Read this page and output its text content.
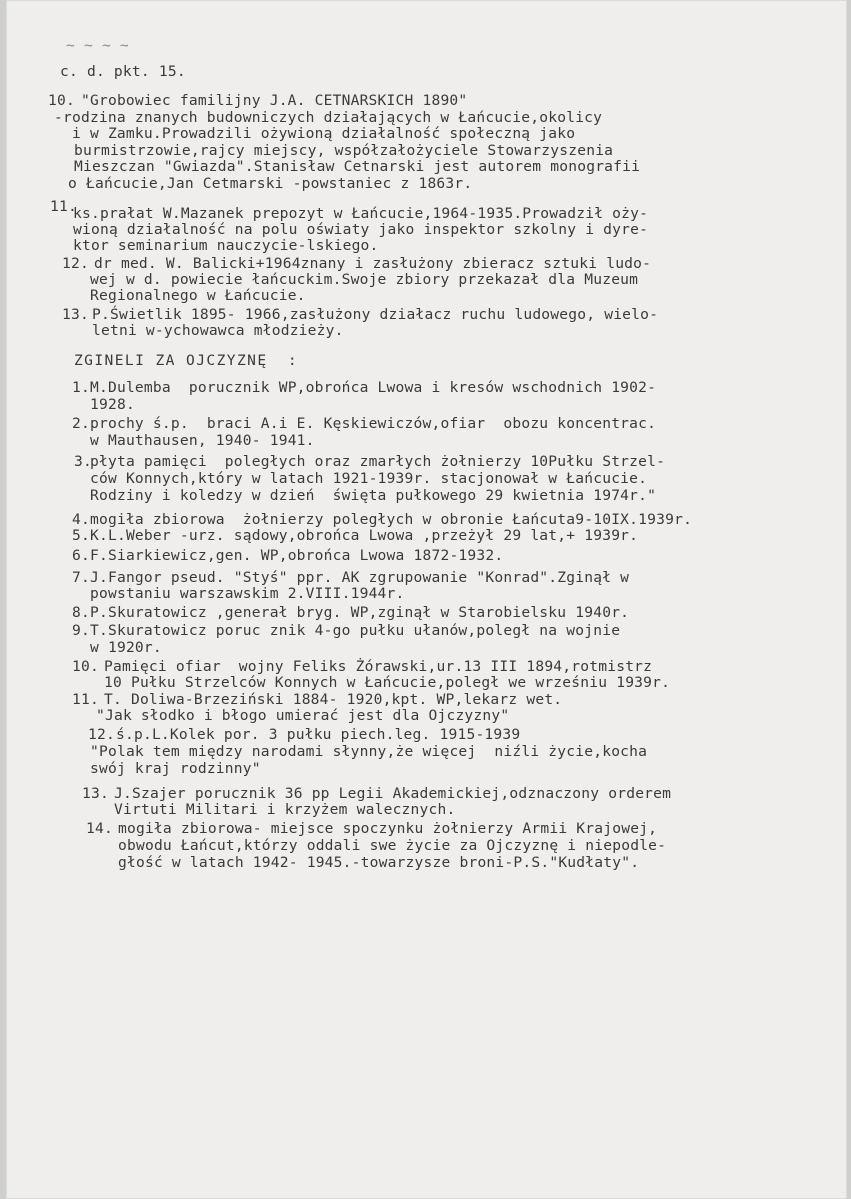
~ ~ ~ ~
c. d. pkt. 15.
10. "Grobowiec familijny J.A. CETNARSKICH 1890"
-rodzina znanych budowniczych działających w Łańcucie,okolicy
i w Zamku.Prowadzili ożywioną działalność społeczną jako
burmistrzowie,rajcy miejscy, współzałożyciele Stowarzyszenia
Mieszczan "Gwiazda".Stanisław Cetnarski jest autorem monografii
o Łańcucie,Jan Cetmarski -powstaniec z 1863r.
11.
ks.prałat W.Mazanek prepozyt w Łańcucie,1964-1935.Prowadził oży-
wioną działalność na polu oświaty jako inspektor szkolny i dyre-
ktor seminarium nauczycie-lskiego.
12. dr med. W. Balicki+1964znany i zasłużony zbieracz sztuki ludo-
wej w d. powiecie łańcuckim.Swoje zbiory przekazał dla Muzeum
Regionalnego w Łańcucie.
13. P.Świetlik 1895- 1966,zasłużony działacz ruchu ludowego, wielo-
letni w-ychowawca młodzieży.
ZGINELI ZA OJCZYZNĘ  :
1. M.Dulemba  porucznik WP,obrońca Lwowa i kresów wschodnich 1902-
1928.
2. prochy ś.p.  braci A.i E. Kęskiewiczów,ofiar  obozu koncentrac.
w Mauthausen, 1940- 1941.
3.
płyta pamięci  poległych oraz zmarłych żołnierzy 10Pułku Strzel-
ców Konnych,który w latach 1921-1939r. stacjonował w Łańcucie.
Rodziny i koledzy w dzień  święta pułkowego 29 kwietnia 1974r."
4. mogiła zbiorowa  żołnierzy poległych w obronie Łańcuta9-10IX.1939r.
5. K.L.Weber -urz. sądowy,obrońca Lwowa ,przeżył 29 lat,+ 1939r.
6. F.Siarkiewicz,gen. WP,obrońca Lwowa 1872-1932.
7. J.Fangor pseud. "Styś" ppr. AK zgrupowanie "Konrad".Zginął w
powstaniu warszawskim 2.VIII.1944r.
8. P.Skuratowicz ,generał bryg. WP,zginął w Starobielsku 1940r.
9. T.Skuratowicz poruc znik 4-go pułku ułanów,poległ na wojnie
w 1920r.
10. Pamięci ofiar  wojny Feliks Żórawski,ur.13 III 1894,rotmistrz
10 Pułku Strzelców Konnych w Łańcucie,poległ we wrześniu 1939r.
11. T. Doliwa-Brzeziński 1884- 1920,kpt. WP,lekarz wet.
"Jak słodko i błogo umierać jest dla Ojczyzny"
12. ś.p.L.Kolek por. 3 pułku piech.leg. 1915-1939
"Polak tem między narodami słynny,że więcej  niźli życie,kocha
swój kraj rodzinny"
13. J.Szajer porucznik 36 pp Legii Akademickiej,odznaczony orderem
Virtuti Militari i krzyżem walecznych.
14. mogiła zbiorowa- miejsce spoczynku żołnierzy Armii Krajowej,
obwodu Łańcut,którzy oddali swe życie za Ojczyznę i niepodle-
głość w latach 1942- 1945.-towarzysze broni-P.S."Kudłaty".
